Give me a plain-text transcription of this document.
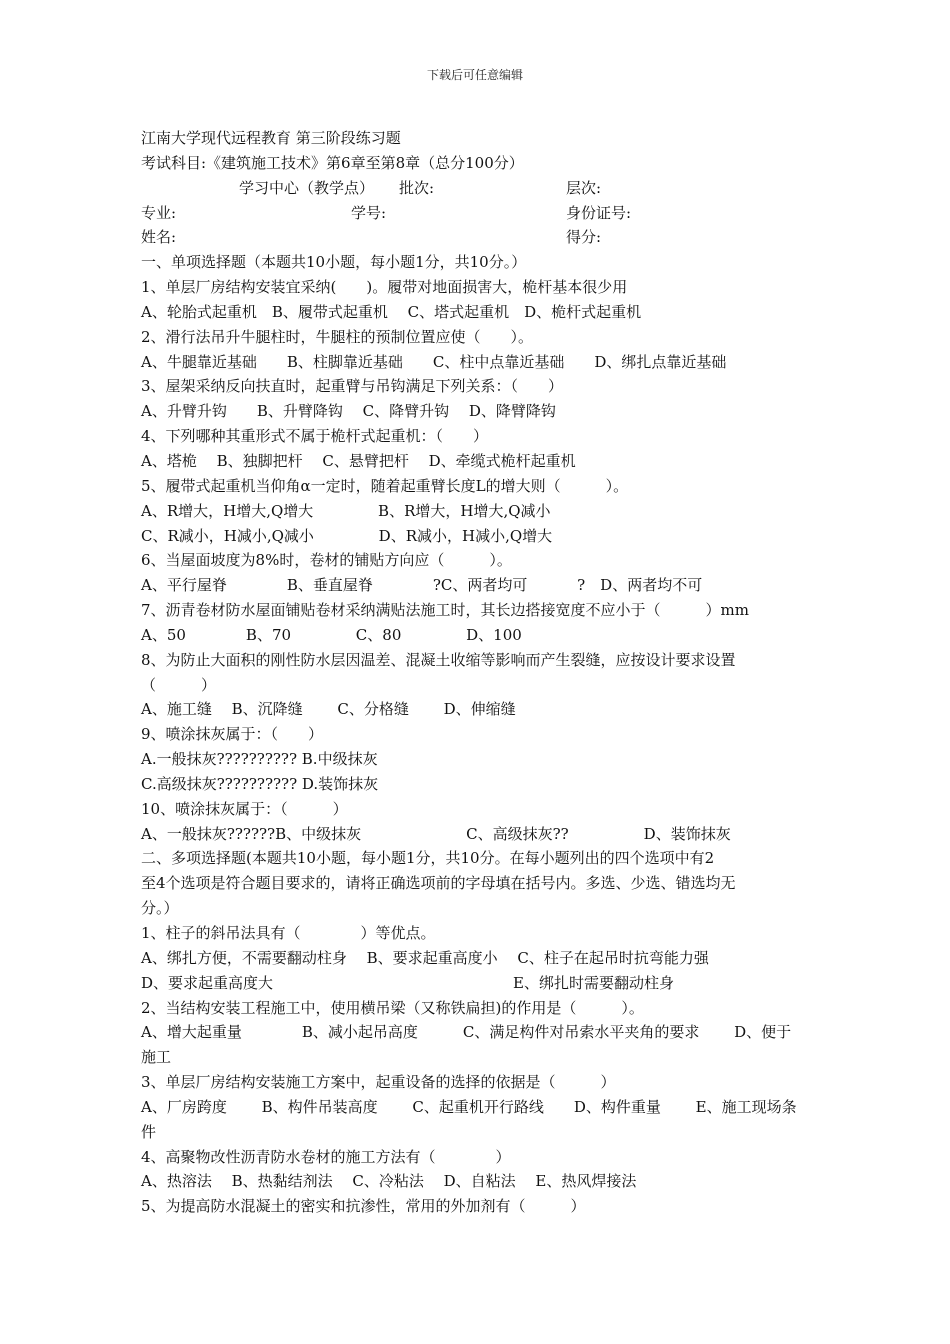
下载后可任意编辑
江南大学现代远程教育 第三阶段练习题
考试科目:《建筑施工技术》第6章至第8章（总分100分）
学习中心（教学点） 批次:	层次:
专业:	学号:	身份证号:
姓名:	得分:
一、单项选择题（本题共10小题，每小题1分，共10分。）
1、单层厂房结构安装宜采纳(　　)。履带对地面损害大，桅杆基本很少用
A、轮胎式起重机　B、履带式起重机　 C、塔式起重机　D、桅杆式起重机
2、滑行法吊升牛腿柱时，牛腿柱的预制位置应使（　　）。
A、牛腿靠近基础　　B、柱脚靠近基础　　C、柱中点靠近基础　　D、绑扎点靠近基础
3、屋架采纳反向扶直时，起重臂与吊钩满足下列关系：（　　）
A、升臂升钩　　B、升臂降钩　 C、降臂升钩　 D、降臂降钩
4、下列哪种其重形式不属于桅杆式起重机：（　　）
A、塔桅　 B、独脚把杆　 C、悬臂把杆　 D、牵缆式桅杆起重机
5、履带式起重机当仰角α一定时，随着起重臂长度L的增大则（　　　）。
A、R增大，H增大,Q增大　　　　 B、R增大，H增大,Q减小
C、R减小，H减小,Q减小　　　　 D、R减小，H减小,Q增大
6、当屋面坡度为8%时，卷材的铺贴方向应（　　　）。
A、平行屋脊　　　　B、垂直屋脊　　　　?C、两者均可　　　 ?　D、两者均不可
7、沥青卷材防水屋面铺贴卷材采纳满贴法施工时，其长边搭接宽度不应小于（　　　）mm
A、50　　　　B、70　　　　 C、80　　　　 D、100
8、为防止大面积的刚性防水层因温差、混凝土收缩等影响而产生裂缝，应按设计要求设置
（　　　）
A、施工缝　 B、沉降缝　　 C、分格缝　　 D、伸缩缝
9、喷涂抹灰属于：（　　）
A.一般抹灰?????????? B.中级抹灰
C.高级抹灰?????????? D.装饰抹灰
10、喷涂抹灰属于：（　　　）
A、一般抹灰??????B、中级抹灰　　　　　　　C、高级抹灰??　　　　　D、装饰抹灰
二、多项选择题(本题共10小题，每小题1分，共10分。在每小题列出的四个选项中有2
至4个选项是符合题目要求的，请将正确选项前的字母填在括号内。多选、少选、错选均无
分。）
1、柱子的斜吊法具有（　　　　）等优点。
A、绑扎方便，不需要翻动柱身　 B、要求起重高度小　 C、柱子在起吊时抗弯能力强
D、要求起重高度大　　　　　　　　　　　　　　　　E、绑扎时需要翻动柱身
2、当结构安装工程施工中，使用横吊梁（又称铁扁担)的作用是（　　　）。
A、增大起重量　　　　B、减小起吊高度　　　C、满足构件对吊索水平夹角的要求　　 D、便于
施工
3、单层厂房结构安装施工方案中，起重设备的选择的依据是（　　　）
A、厂房跨度　　 B、构件吊装高度　　 C、起重机开行路线　　D、构件重量　　 E、施工现场条
件
4、高聚物改性沥青防水卷材的施工方法有（　　　　）
A、热溶法　 B、热黏结剂法　 C、冷粘法　 D、自粘法　 E、热风焊接法
5、为提高防水混凝土的密实和抗渗性，常用的外加剂有（　　　）
